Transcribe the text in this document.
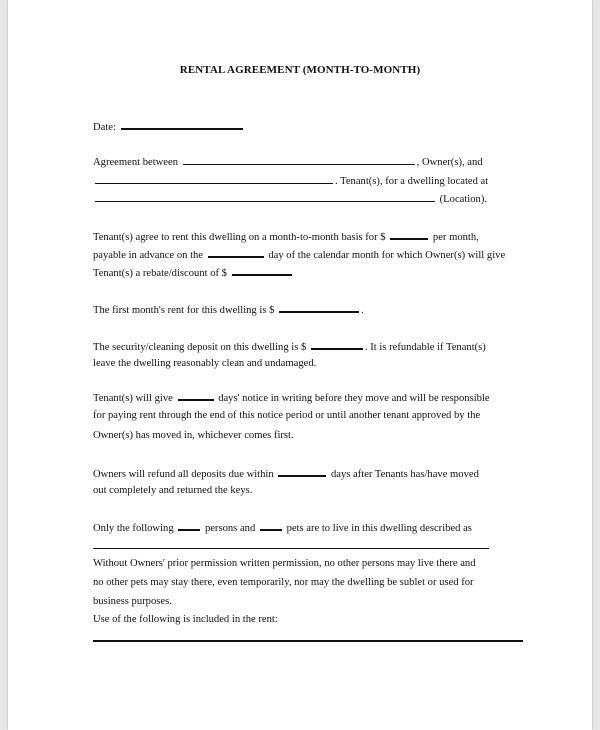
RENTAL AGREEMENT (MONTH-TO-MONTH)
Date:
Agreement between	, Owner(s), and
. Tenant(s), for a dwelling located at
(Location).
Tenant(s) agree to rent this dwelling on a month-to-month basis for $	per month,
payable in advance on the	day of the calendar month for which Owner(s) will give
Tenant(s) a rebate/discount of $
The first month's rent for this dwelling is $	.
The security/cleaning deposit on this dwelling is $	. It is refundable if Tenant(s)
leave the dwelling reasonably clean and undamaged.
Tenant(s) will give	days' notice in writing before they move and will be responsible
for paying rent through the end of this notice period or until another tenant approved by the
Owner(s) has moved in, whichever comes first.
Owners will refund all deposits due within	days after Tenants has/have moved
out completely and returned the keys.
Only the following	persons and	pets are to live in this dwelling described as
Without Owners' prior permission written permission, no other persons may live there and
no other pets may stay there, even temporarily, nor may the dwelling be sublet or used for
business purposes.
Use of the following is included in the rent:
